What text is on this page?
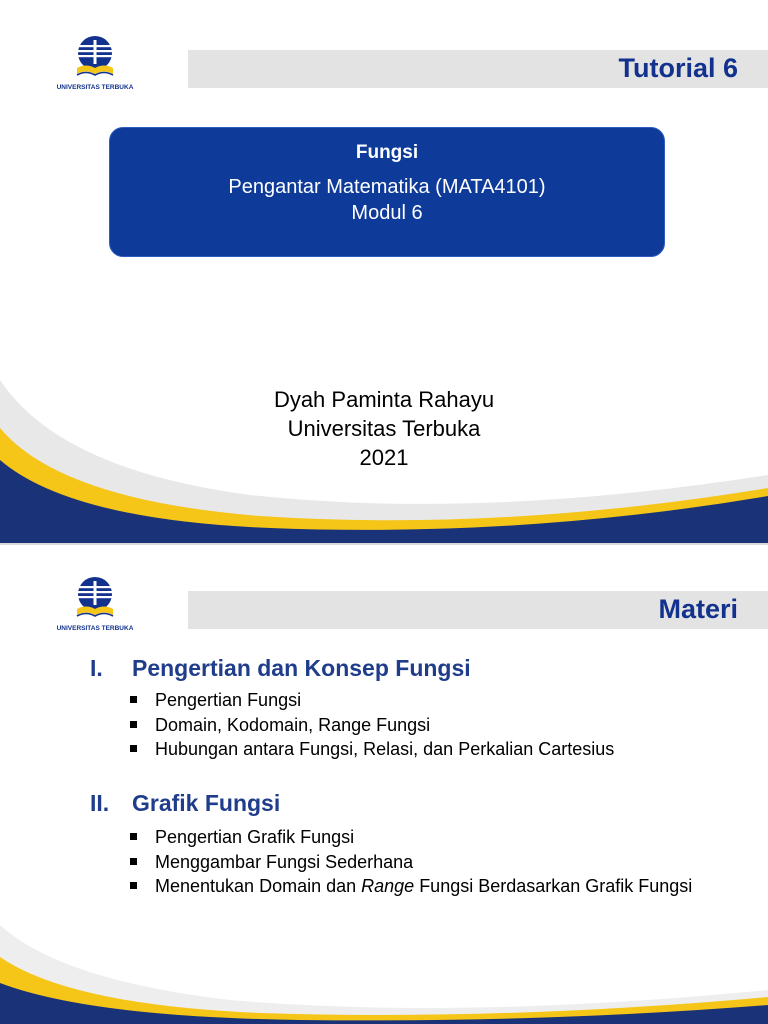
UNIVERSITAS TERBUKA
Tutorial 6
Fungsi
Pengantar Matematika (MATA4101)
Modul 6
Dyah Paminta Rahayu
Universitas Terbuka
2021
UNIVERSITAS TERBUKA
Materi
I. Pengertian dan Konsep Fungsi
Pengertian Fungsi
Domain, Kodomain, Range Fungsi
Hubungan antara Fungsi, Relasi, dan Perkalian Cartesius
II. Grafik Fungsi
Pengertian Grafik Fungsi
Menggambar Fungsi Sederhana
Menentukan Domain dan Range Fungsi Berdasarkan Grafik Fungsi
